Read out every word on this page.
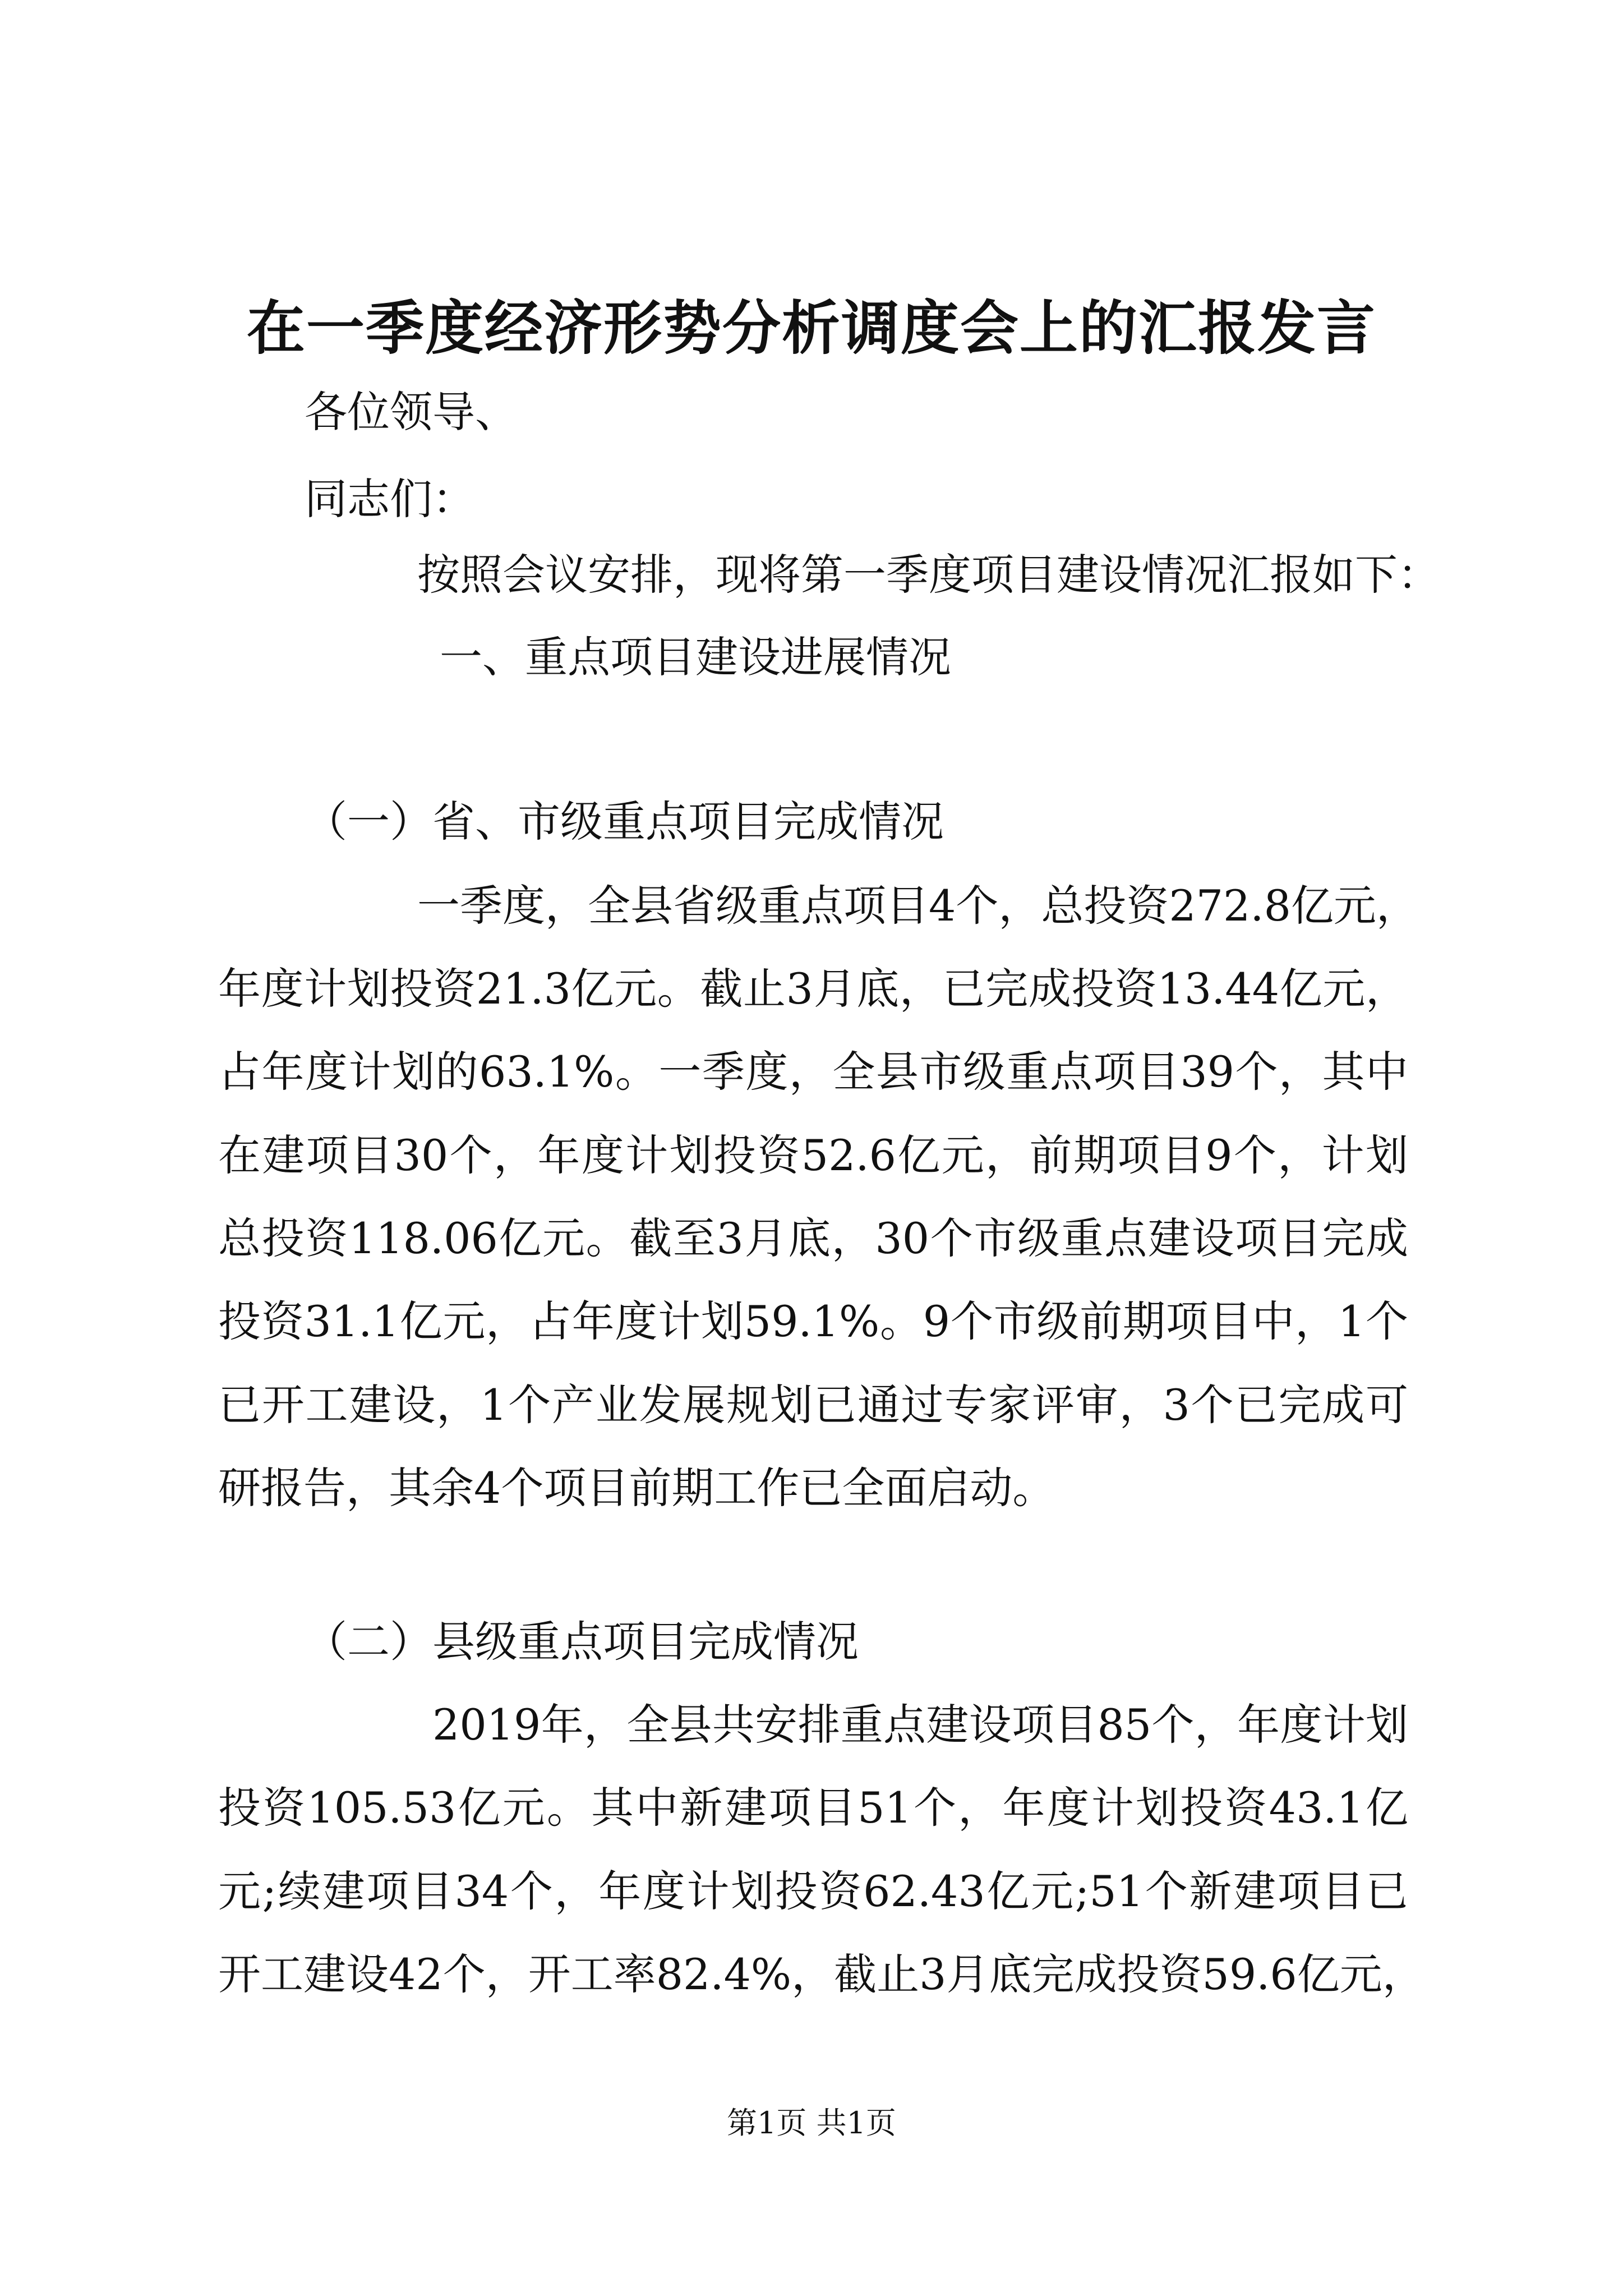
在一季度经济形势分析调度会上的汇报发言
各位领导、
同志们：
按照会议安排，现将第一季度项目建设情况汇报如下：
一、重点项目建设进展情况
（一）省、市级重点项目完成情况
一季度，全县省级重点项目4个，总投资272.8亿元，
年度计划投资21.3亿元。截止3月底，已完成投资13.44亿元，
占年度计划的63.1%。一季度，全县市级重点项目39个，其中
在建项目30个，年度计划投资52.6亿元，前期项目9个，计划
总投资118.06亿元。截至3月底，30个市级重点建设项目完成
投资31.1亿元，占年度计划59.1%。9个市级前期项目中，1个
已开工建设，1个产业发展规划已通过专家评审，3个已完成可
研报告，其余4个项目前期工作已全面启动。
（二）县级重点项目完成情况
2019年，全县共安排重点建设项目85个，年度计划
投资105.53亿元。其中新建项目51个，年度计划投资43.1亿
元;续建项目34个，年度计划投资62.43亿元;51个新建项目已
开工建设42个，开工率82.4%，截止3月底完成投资59.6亿元，
第1页 共1页
